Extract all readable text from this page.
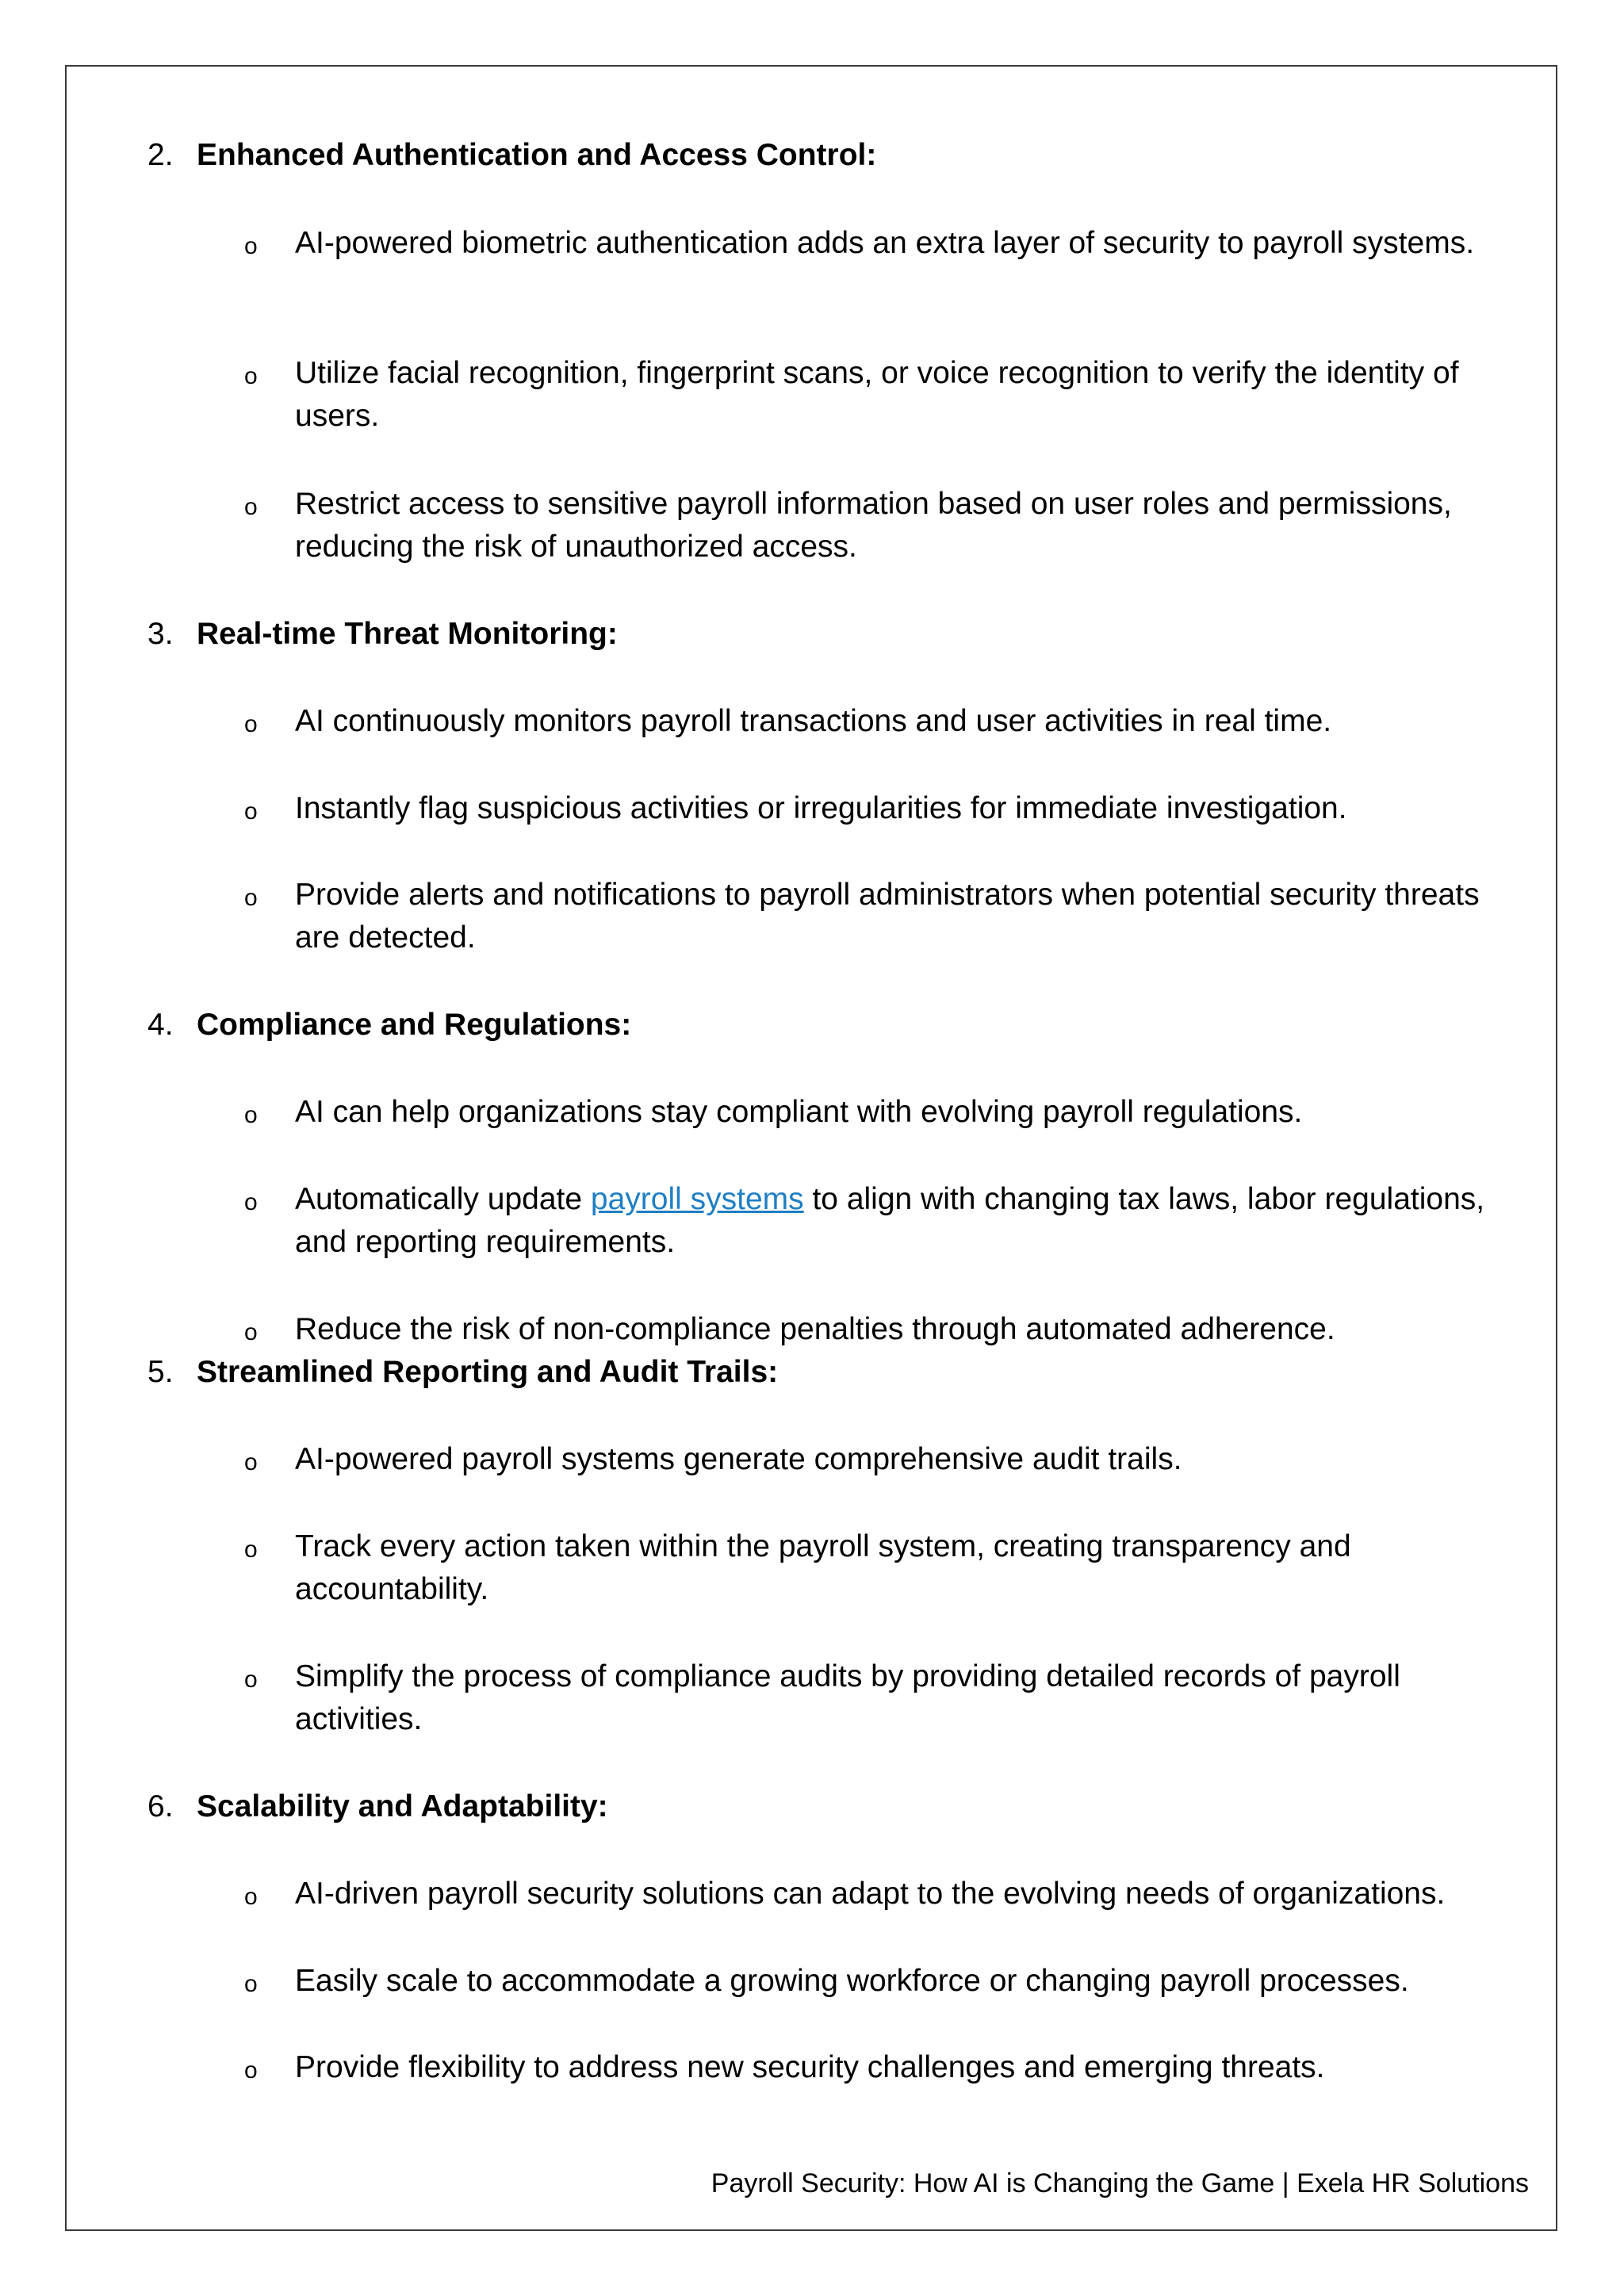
2. Enhanced Authentication and Access Control:
o AI-powered biometric authentication adds an extra layer of security to payroll systems.
o Utilize facial recognition, fingerprint scans, or voice recognition to verify the identity of users.
o Restrict access to sensitive payroll information based on user roles and permissions, reducing the risk of unauthorized access.
3. Real-time Threat Monitoring:
o AI continuously monitors payroll transactions and user activities in real time.
o Instantly flag suspicious activities or irregularities for immediate investigation.
o Provide alerts and notifications to payroll administrators when potential security threats are detected.
4. Compliance and Regulations:
o AI can help organizations stay compliant with evolving payroll regulations.
o Automatically update payroll systems to align with changing tax laws, labor regulations, and reporting requirements.
o Reduce the risk of non-compliance penalties through automated adherence.
5. Streamlined Reporting and Audit Trails:
o AI-powered payroll systems generate comprehensive audit trails.
o Track every action taken within the payroll system, creating transparency and accountability.
o Simplify the process of compliance audits by providing detailed records of payroll activities.
6. Scalability and Adaptability:
o AI-driven payroll security solutions can adapt to the evolving needs of organizations.
o Easily scale to accommodate a growing workforce or changing payroll processes.
o Provide flexibility to address new security challenges and emerging threats.
Payroll Security: How AI is Changing the Game | Exela HR Solutions
